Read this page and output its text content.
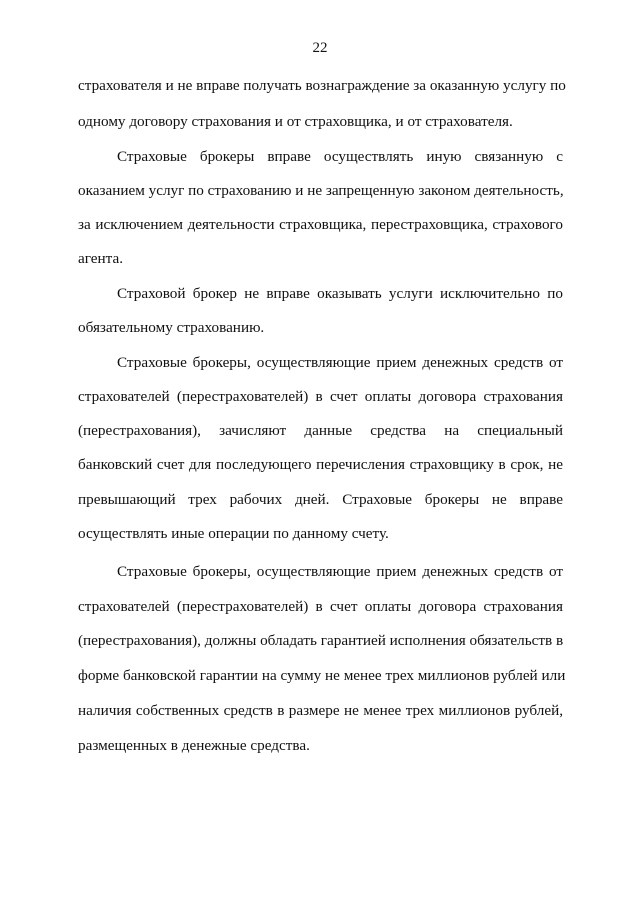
22
страхователя и не вправе получать вознаграждение за оказанную услугу по
одному договору страхования и от страховщика, и от страхователя.
Страховые брокеры вправе осуществлять иную связанную с
оказанием услуг по страхованию и не запрещенную законом деятельность,
за исключением деятельности страховщика, перестраховщика, страхового
агента.
Страховой брокер не вправе оказывать услуги исключительно по
обязательному страхованию.
Страховые брокеры, осуществляющие прием денежных средств от
страхователей (перестрахователей) в счет оплаты договора страхования
(перестрахования), зачисляют данные средства на специальный
банковский счет для последующего перечисления страховщику в срок, не
превышающий трех рабочих дней. Страховые брокеры не вправе
осуществлять иные операции по данному счету.
Страховые брокеры, осуществляющие прием денежных средств от
страхователей (перестрахователей) в счет оплаты договора страхования
(перестрахования), должны обладать гарантией исполнения обязательств в
форме банковской гарантии на сумму не менее трех миллионов рублей или
наличия собственных средств в размере не менее трех миллионов рублей,
размещенных в денежные средства.
